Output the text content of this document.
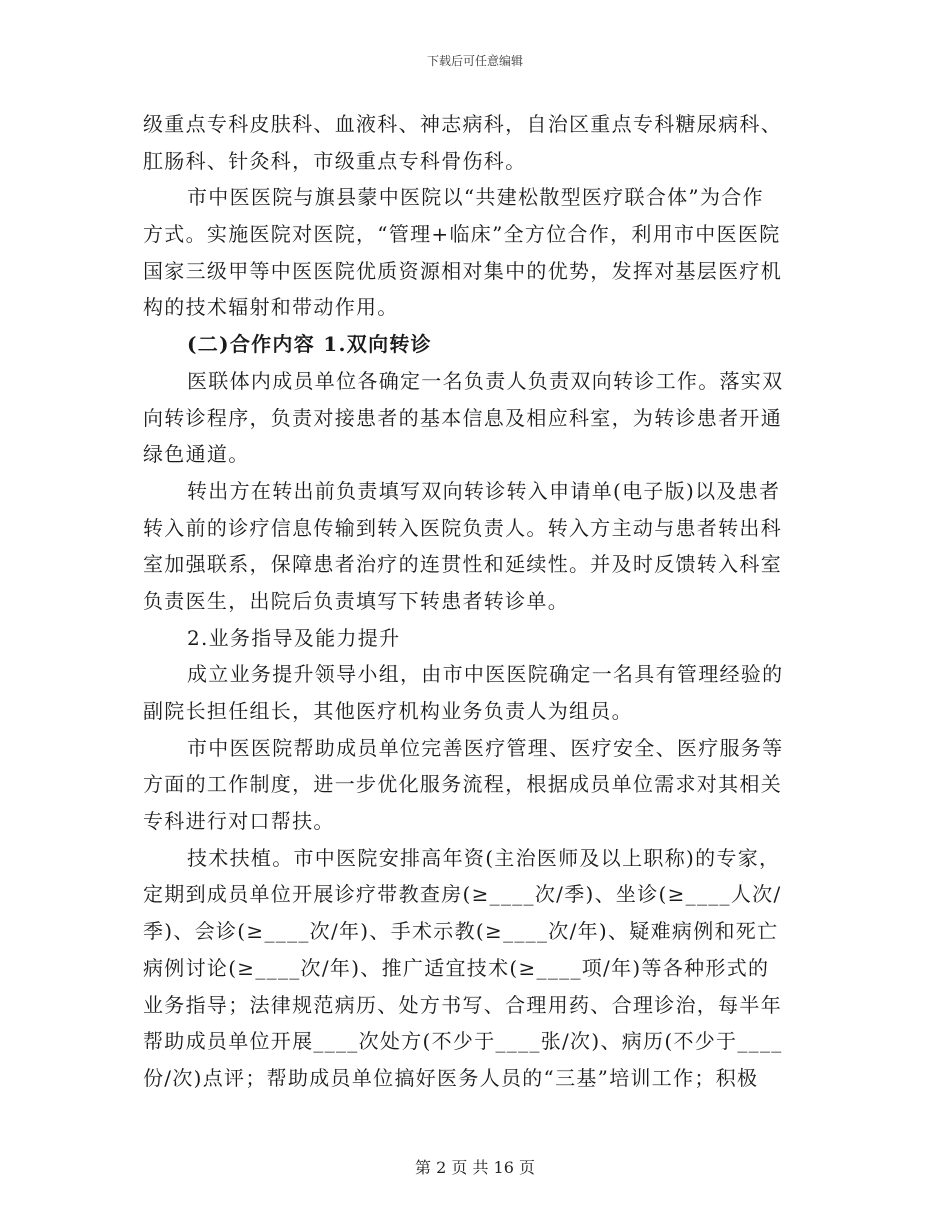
下载后可任意编辑
级重点专科皮肤科、血液科、神志病科，自治区重点专科糖尿病科、
肛肠科、针灸科，市级重点专科骨伤科。
市中医医院与旗县蒙中医院以“共建松散型医疗联合体”为合作
方式。实施医院对医院，“管理+临床”全方位合作，利用市中医医院
国家三级甲等中医医院优质资源相对集中的优势，发挥对基层医疗机
构的技术辐射和带动作用。
(二)合作内容 1.双向转诊
医联体内成员单位各确定一名负责人负责双向转诊工作。落实双
向转诊程序，负责对接患者的基本信息及相应科室，为转诊患者开通
绿色通道。
转出方在转出前负责填写双向转诊转入申请单(电子版)以及患者
转入前的诊疗信息传输到转入医院负责人。转入方主动与患者转出科
室加强联系，保障患者治疗的连贯性和延续性。并及时反馈转入科室
负责医生，出院后负责填写下转患者转诊单。
2.业务指导及能力提升
成立业务提升领导小组，由市中医医院确定一名具有管理经验的
副院长担任组长，其他医疗机构业务负责人为组员。
市中医医院帮助成员单位完善医疗管理、医疗安全、医疗服务等
方面的工作制度，进一步优化服务流程，根据成员单位需求对其相关
专科进行对口帮扶。
技术扶植。市中医院安排高年资(主治医师及以上职称)的专家，
定期到成员单位开展诊疗带教查房(≥____次/季)、坐诊(≥____人次/
季)、会诊(≥____次/年)、手术示教(≥____次/年)、疑难病例和死亡
病例讨论(≥____次/年)、推广适宜技术(≥____项/年)等各种形式的
业务指导；法律规范病历、处方书写、合理用药、合理诊治，每半年
帮助成员单位开展____次处方(不少于____张/次)、病历(不少于____
份/次)点评；帮助成员单位搞好医务人员的“三基”培训工作；积极
第 2 页 共 16 页
